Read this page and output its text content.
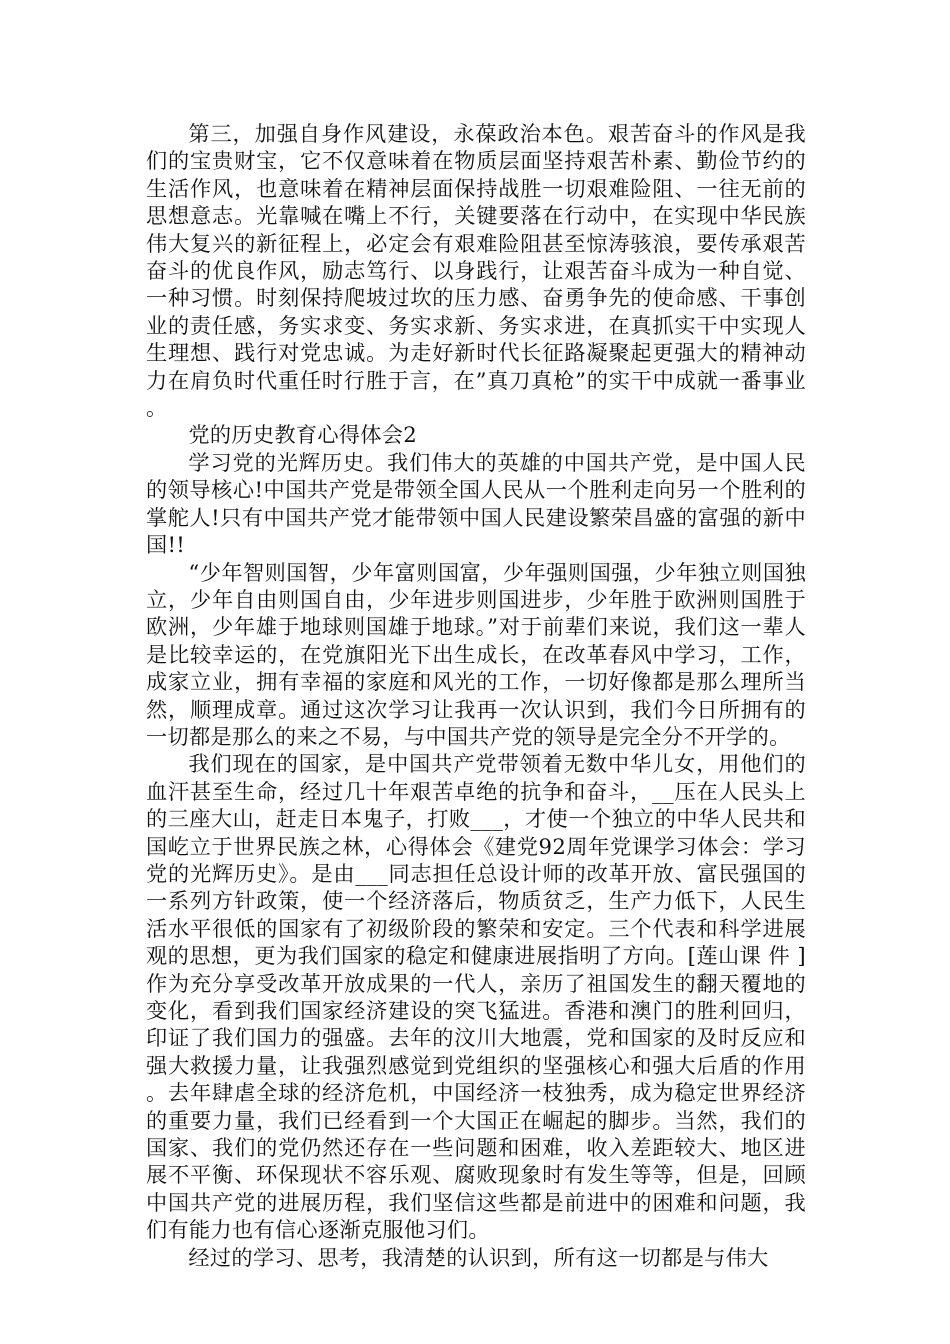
第三，加强自身作风建设，永葆政治本色。艰苦奋斗的作风是我们的宝贵财宝，它不仅意味着在物质层面坚持艰苦朴素、勤俭节约的生活作风，也意味着在精神层面保持战胜一切艰难险阻、一往无前的思想意志。光靠喊在嘴上不行，关键要落在行动中，在实现中华民族伟大复兴的新征程上，必定会有艰难险阻甚至惊涛骇浪，要传承艰苦奋斗的优良作风，励志笃行、以身践行，让艰苦奋斗成为一种自觉、一种习惯。时刻保持爬坡过坎的压力感、奋勇争先的使命感、干事创业的责任感，务实求变、务实求新、务实求进，在真抓实干中实现人生理想、践行对党忠诚。为走好新时代长征路凝聚起更强大的精神动力在肩负时代重任时行胜于言，在”真刀真枪”的实干中成就一番事业。

党的历史教育心得体会2

学习党的光辉历史。我们伟大的英雄的中国共产党，是中国人民的领导核心!中国共产党是带领全国人民从一个胜利走向另一个胜利的掌舵人!只有中国共产党才能带领中国人民建设繁荣昌盛的富强的新中国!!

“少年智则国智，少年富则国富，少年强则国强，少年独立则国独立，少年自由则国自由，少年进步则国进步，少年胜于欧洲则国胜于欧洲，少年雄于地球则国雄于地球。”对于前辈们来说，我们这一辈人是比较幸运的，在党旗阳光下出生成长，在改革春风中学习，工作，成家立业，拥有幸福的家庭和风光的工作，一切好像都是那么理所当然，顺理成章。通过这次学习让我再一次认识到，我们今日所拥有的一切都是那么的来之不易，与中国共产党的领导是完全分不开学的。

我们现在的国家，是中国共产党带领着无数中华儿女，用他们的血汗甚至生命，经过几十年艰苦卓绝的抗争和奋斗，__压在人民头上的三座大山，赶走日本鬼子，打败___，才使一个独立的中华人民共和国屹立于世界民族之林，心得体会《建党92周年党课学习体会：学习党的光辉历史》。是由___同志担任总设计师的改革开放、富民强国的一系列方针政策，使一个经济落后，物质贫乏，生产力低下，人民生活水平很低的国家有了初级阶段的繁荣和安定。三个代表和科学进展观的思想，更为我们国家的稳定和健康进展指明了方向。[莲山课 件 ]作为充分享受改革开放成果的一代人，亲历了祖国发生的翻天覆地的变化，看到我们国家经济建设的突飞猛进。香港和澳门的胜利回归，印证了我们国力的强盛。去年的汶川大地震，党和国家的及时反应和强大救援力量，让我强烈感觉到党组织的坚强核心和强大后盾的作用。去年肆虐全球的经济危机，中国经济一枝独秀，成为稳定世界经济的重要力量，我们已经看到一个大国正在崛起的脚步。当然，我们的国家、我们的党仍然还存在一些问题和困难，收入差距较大、地区进展不平衡、环保现状不容乐观、腐败现象时有发生等等，但是，回顾中国共产党的进展历程，我们坚信这些都是前进中的困难和问题，我们有能力也有信心逐渐克服他习们。

经过的学习、思考，我清楚的认识到，所有这一切都是与伟大
